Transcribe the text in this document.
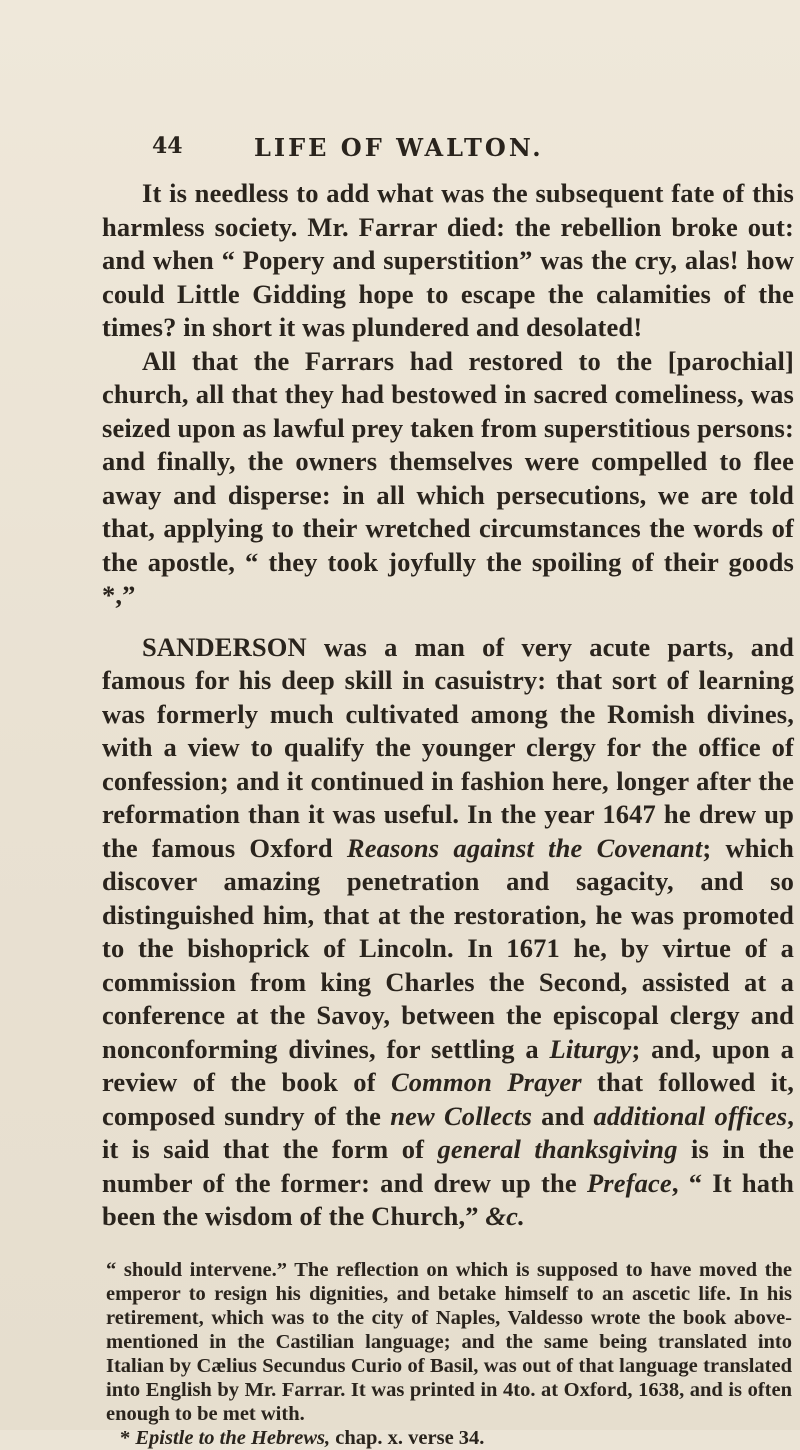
44	LIFE OF WALTON.

It is needless to add what was the subsequent fate of this harmless society. Mr. Farrar died: the rebellion broke out: and when “ Popery and superstition” was the cry, alas! how could Little Gidding hope to escape the calamities of the times? in short it was plundered and desolated!

All that the Farrars had restored to the [parochial] church, all that they had bestowed in sacred comeliness, was seized upon as lawful prey taken from superstitious persons: and finally, the owners themselves were compelled to flee away and disperse: in all which persecutions, we are told that, applying to their wretched circumstances the words of the apostle, “ they took joyfully the spoiling of their goods *,”

SANDERSON was a man of very acute parts, and famous for his deep skill in casuistry: that sort of learning was formerly much cultivated among the Romish divines, with a view to qualify the younger clergy for the office of confession; and it continued in fashion here, longer after the reformation than it was useful. In the year 1647 he drew up the famous Oxford Reasons against the Covenant; which discover amazing penetration and sagacity, and so distinguished him, that at the restoration, he was promoted to the bishoprick of Lincoln. In 1671 he, by virtue of a commission from king Charles the Second, assisted at a conference at the Savoy, between the episcopal clergy and nonconforming divines, for settling a Liturgy; and, upon a review of the book of Common Prayer that followed it, composed sundry of the new Collects and additional offices, it is said that the form of general thanksgiving is in the number of the former: and drew up the Preface, “ It hath been the wisdom of the Church,” &c.

“ should intervene.” The reflection on which is supposed to have moved the emperor to resign his dignities, and betake himself to an ascetic life. In his retirement, which was to the city of Naples, Valdesso wrote the book above-mentioned in the Castilian language; and the same being translated into Italian by Cælius Secundus Curio of Basil, was out of that language translated into English by Mr. Farrar. It was printed in 4to. at Oxford, 1638, and is often enough to be met with.

* Epistle to the Hebrews, chap. x. verse 34.
